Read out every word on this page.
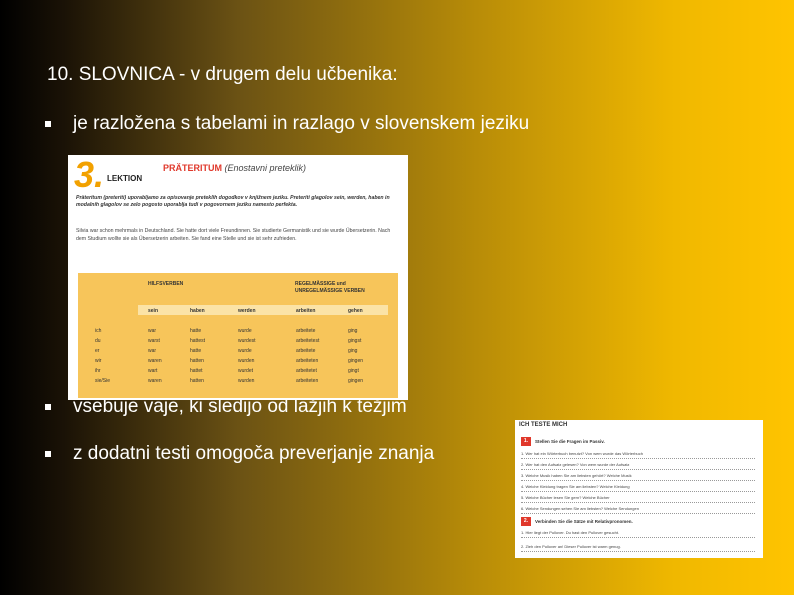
10. SLOVNICA - v drugem delu učbenika:
je razložena s tabelami in razlago v slovenskem jeziku
3. LEKTION
PRÄTERITUM (Enostavni preteklik)
Präteritum (preteriti) uporabljamo za opisovanje preteklih dogodkov v knjižnem jeziku. Preteriti glagolov sein, werden, haben in modalnih glagolov se zelo pogosto uporablja tudi v pogovornem jeziku namesto perfekta.
Silvia war schon mehrmals in Deutschland. Sie hatte dort viele Freundinnen. Sie studierte Germanistik und sie wurde Übersetzerin. Nach dem Studium wollte sie als Übersetzerin arbeiten. Sie fand eine Stelle und sie ist sehr zufrieden.
HILFSVERBEN	REGELMÄSSIGE und UNREGELMÄSSIGE VERBEN
sein	haben	werden	arbeiten	gehen
ich	war	hatte	wurde	arbeitete	ging
du	warst	hattest	wurdest	arbeitetest	gingst
er	war	hatte	wurde	arbeitete	ging
wir	waren	hatten	wurden	arbeiteten	gingen
ihr	wart	hattet	wurdet	arbeitetet	gingt
sie/Sie	waren	hatten	wurden	arbeiteten	gingen
vsebuje vaje, ki sledijo od lažjih k težjim
z dodatni testi omogoča preverjanje znanja
ICH TESTE MICH
1.	Stellen Sie die Fragen im Passiv.
1. Wer hat ein Wörterbuch benutzt? Von wem wurde das Wörterbuch
2. Wer hat den Aufsatz gelesen? Von wem wurde der Aufsatz
3. Welche Musik haben Sie am liebsten gehört? Welche Musik
4. Welche Kleidung tragen Sie am liebsten? Welche Kleidung
5. Welche Bücher lesen Sie gern? Welche Bücher
6. Welche Sendungen sehen Sie am liebsten? Welche Sendungen
2.	Verbinden Sie die Sätze mit Relativpronomen.
1. Hier liegt der Pullover. Du hast den Pullover gesucht.
2. Zieh den Pullover an! Dieser Pullover ist warm genug.
